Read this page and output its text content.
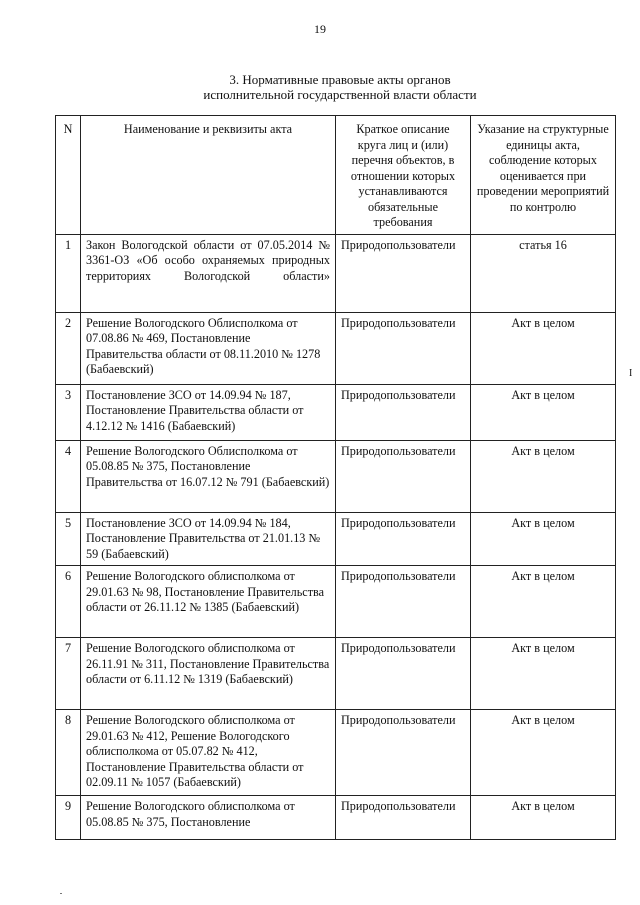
19
3. Нормативные правовые акты органов
исполнительной государственной власти области
N	Наименование и реквизиты акта	Краткое описание круга лиц и (или) перечня объектов, в отношении которых устанавливаются обязательные требования	Указание на структурные единицы акта, соблюдение которых оценивается при проведении мероприятий по контролю
1	Закон Вологодской области от 07.05.2014 № 3361-ОЗ «Об особо охраняемых природных территориях Вологодской области»	Природопользователи	статья 16
2	Решение Вологодского Облисполкома от 07.08.86 № 469, Постановление Правительства области от 08.11.2010 № 1278 (Бабаевский)	Природопользователи	Акт в целом
3	Постановление ЗСО от 14.09.94 № 187, Постановление Правительства области от 4.12.12 № 1416 (Бабаевский)	Природопользователи	Акт в целом
4	Решение Вологодского Облисполкома от 05.08.85 № 375, Постановление Правительства от 16.07.12 № 791 (Бабаевский)	Природопользователи	Акт в целом
5	Постановление ЗСО от 14.09.94 № 184, Постановление Правительства от 21.01.13 № 59 (Бабаевский)	Природопользователи	Акт в целом
6	Решение Вологодского облисполкома от 29.01.63 № 98, Постановление Правительства области от 26.11.12 № 1385 (Бабаевский)	Природопользователи	Акт в целом
7	Решение Вологодского облисполкома от 26.11.91 № 311, Постановление Правительства области от 6.11.12 № 1319 (Бабаевский)	Природопользователи	Акт в целом
8	Решение Вологодского облисполкома от 29.01.63 № 412, Решение Вологодского облисполкома от 05.07.82 № 412, Постановление Правительства области от 02.09.11 № 1057 (Бабаевский)	Природопользователи	Акт в целом
9	Решение Вологодского облисполкома от 05.08.85 № 375, Постановление	Природопользователи	Акт в целом
I
